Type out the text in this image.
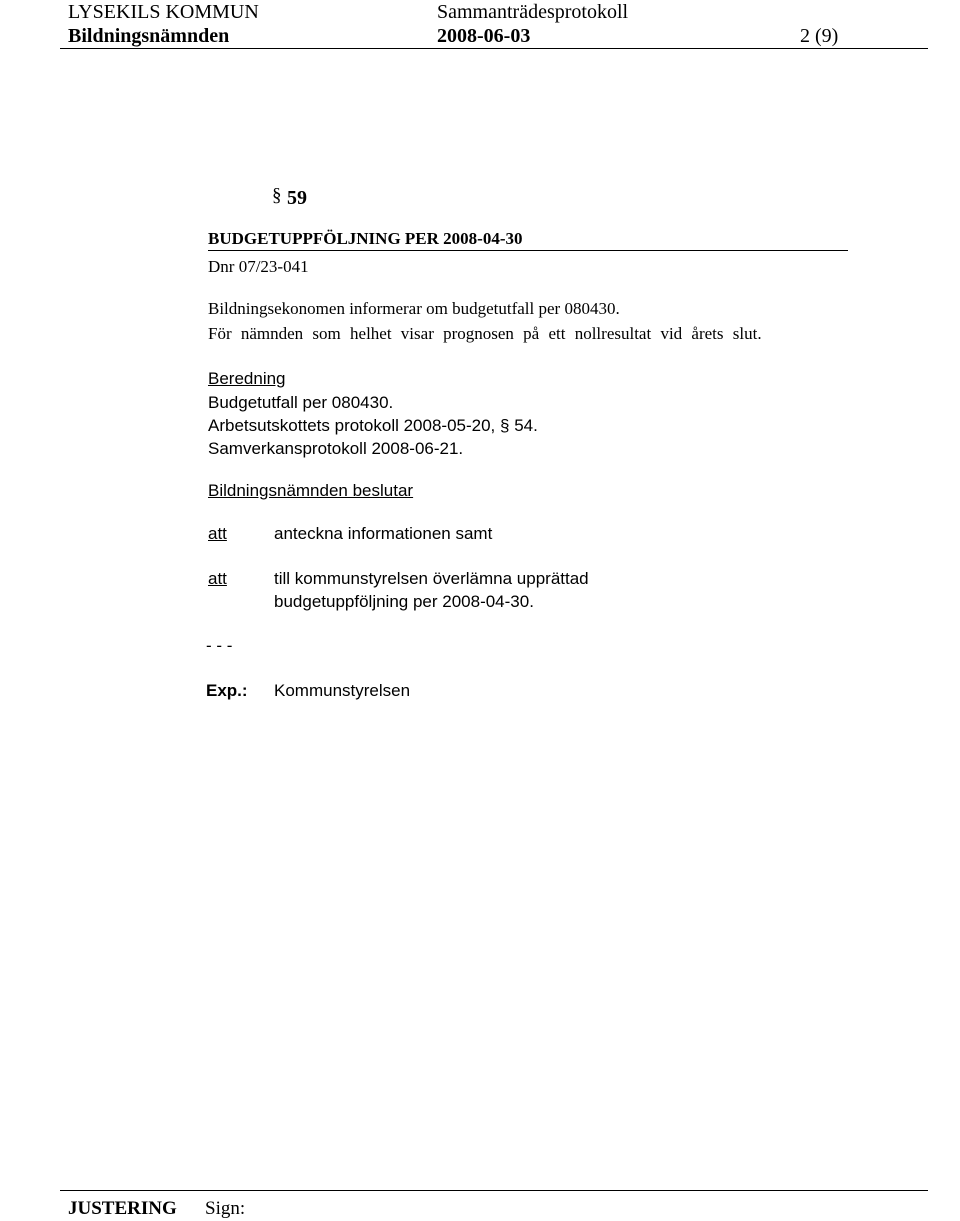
LYSEKILS KOMMUN	Sammanträdesprotokoll
Bildningsnämnden	2008-06-03	2 (9)
§ 59
BUDGETUPPFÖLJNING PER 2008-04-30
Dnr 07/23-041
Bildningsekonomen informerar om budgetutfall per 080430.
För nämnden som helhet visar prognosen på ett nollresultat vid årets slut.
Beredning
Budgetutfall per 080430.
Arbetsutskottets protokoll 2008-05-20, § 54.
Samverkansprotokoll 2008-06-21.
Bildningsnämnden beslutar
att	anteckna informationen samt
att	till kommunstyrelsen överlämna upprättad
budgetuppföljning per 2008-04-30.
- - -
Exp.: Kommunstyrelsen
JUSTERING Sign:
